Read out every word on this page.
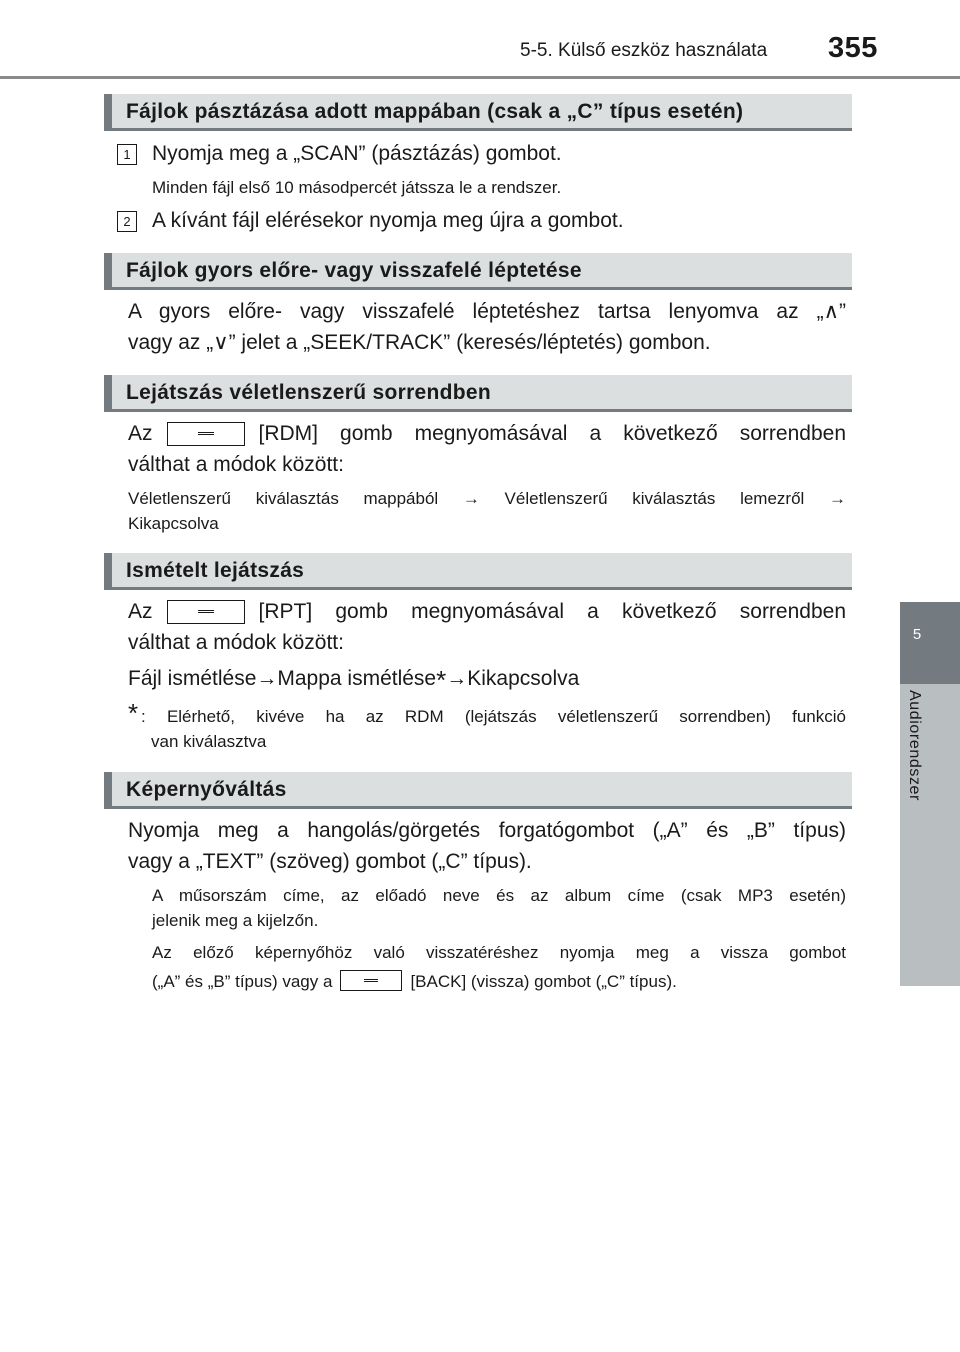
5-5. Külső eszköz használata 355
5
Audiorendszer
Fájlok pásztázása adott mappában (csak a „C” típus esetén)
1	Nyomja meg a „SCAN” (pásztázás) gombot.
Minden fájl első 10 másodpercét játssza le a rendszer.
2	A kívánt fájl elérésekor nyomja meg újra a gombot.
Fájlok gyors előre- vagy visszafelé léptetése
A gyors előre- vagy visszafelé léptetéshez tartsa lenyomva az „∧”
vagy az „∨” jelet a „SEEK/TRACK” (keresés/léptetés) gombon.
Lejátszás véletlenszerű sorrendben
Az	[RDM] gomb megnyomásával a következő sorrendben
válthat a módok között:
Véletlenszerű kiválasztás mappából → Véletlenszerű kiválasztás lemezről →
Kikapcsolva
Ismételt lejátszás
Az	[RPT] gomb megnyomásával a következő sorrendben
válthat a módok között:
Fájl ismétlése→Mappa ismétlése*→Kikapcsolva
* : Elérhető, kivéve ha az RDM (lejátszás véletlenszerű sorrendben) funkció
van kiválasztva
Képernyőváltás
Nyomja meg a hangolás/görgetés forgatógombot („A” és „B” típus)
vagy a „TEXT” (szöveg) gombot („C” típus).
A műsorszám címe, az előadó neve és az album címe (csak MP3 esetén)
jelenik meg a kijelzőn.
Az előző képernyőhöz való visszatéréshez nyomja meg a vissza gombot
(„A” és „B” típus) vagy a	[BACK] (vissza) gombot („C” típus).
